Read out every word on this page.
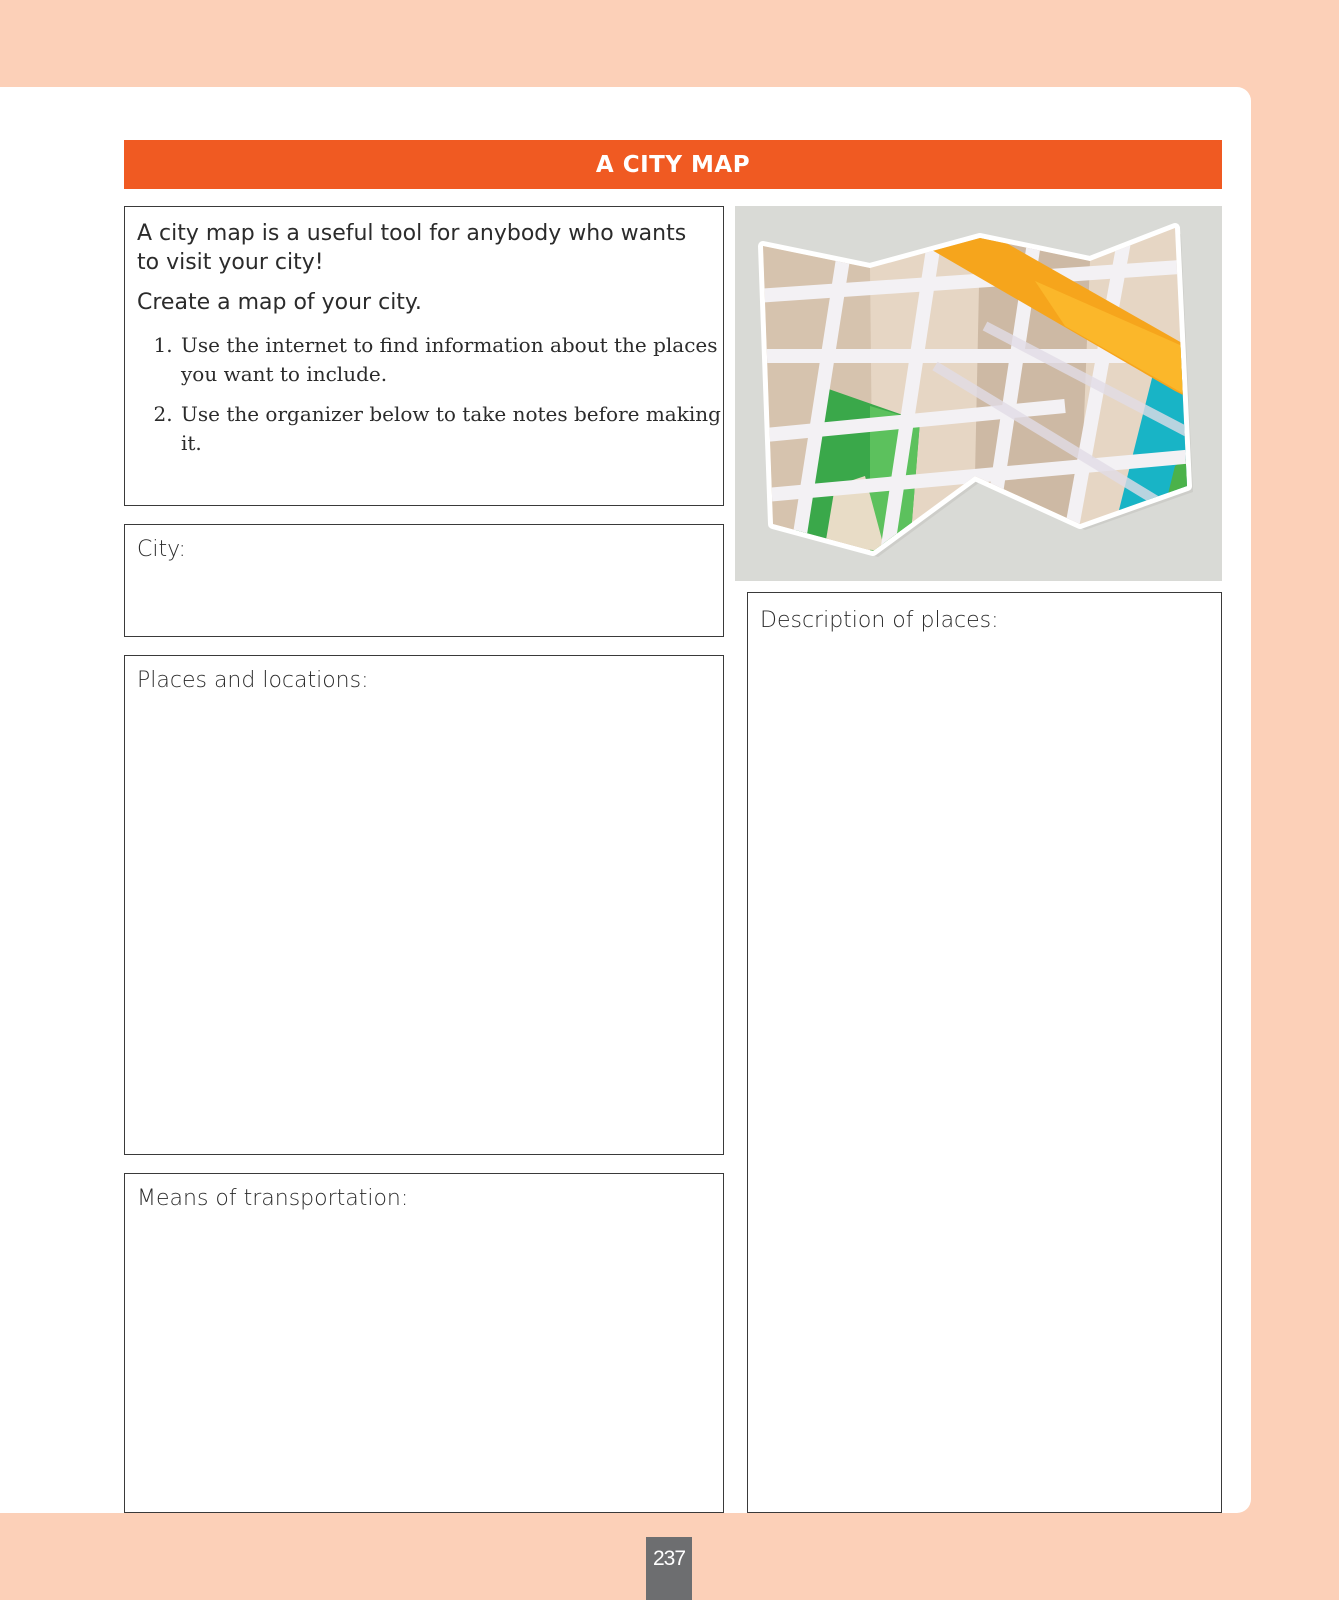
A CITY MAP
A city map is a useful tool for anybody who wants to visit your city!
Create a map of your city.
1. Use the internet to find information about the places you want to include.
2. Use the organizer below to take notes before making it.
City:
Places and locations:
Means of transportation:
Description of places:
237
